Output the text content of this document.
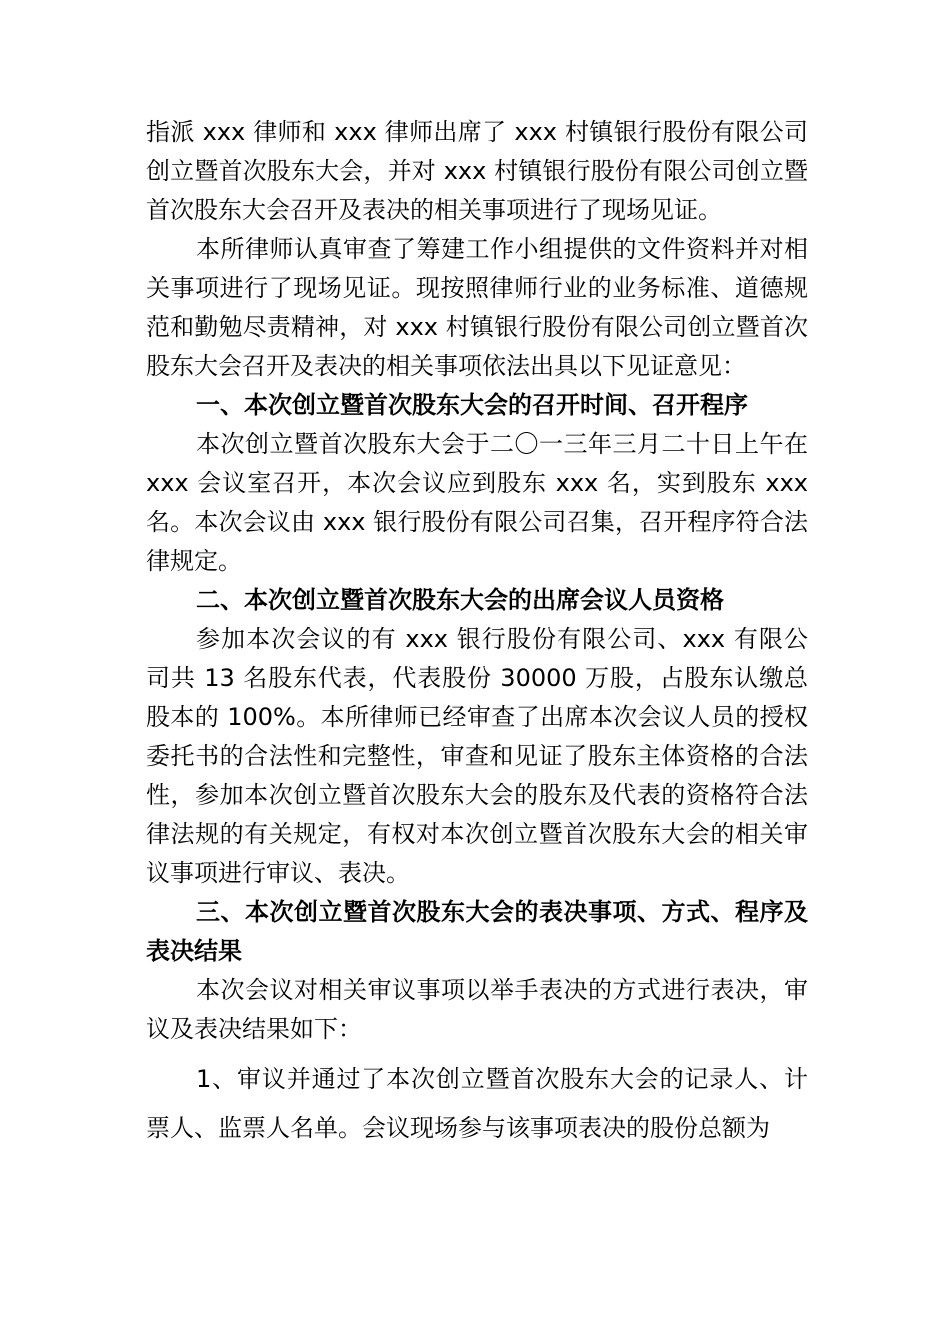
指派 xxx 律师和 xxx 律师出席了 xxx 村镇银行股份有限公司创立暨首次股东大会，并对 xxx 村镇银行股份有限公司创立暨首次股东大会召开及表决的相关事项进行了现场见证。

本所律师认真审查了筹建工作小组提供的文件资料并对相关事项进行了现场见证。现按照律师行业的业务标准、道德规范和勤勉尽责精神，对 xxx 村镇银行股份有限公司创立暨首次股东大会召开及表决的相关事项依法出具以下见证意见：

一、本次创立暨首次股东大会的召开时间、召开程序

本次创立暨首次股东大会于二〇一三年三月二十日上午在 xxx 会议室召开，本次会议应到股东 xxx 名，实到股东 xxx 名。本次会议由 xxx 银行股份有限公司召集，召开程序符合法律规定。

二、本次创立暨首次股东大会的出席会议人员资格

参加本次会议的有 xxx 银行股份有限公司、xxx 有限公司共 13 名股东代表，代表股份 30000 万股，占股东认缴总股本的 100%。本所律师已经审查了出席本次会议人员的授权委托书的合法性和完整性，审查和见证了股东主体资格的合法性，参加本次创立暨首次股东大会的股东及代表的资格符合法律法规的有关规定，有权对本次创立暨首次股东大会的相关审议事项进行审议、表决。

三、本次创立暨首次股东大会的表决事项、方式、程序及表决结果

本次会议对相关审议事项以举手表决的方式进行表决，审议及表决结果如下：

1、审议并通过了本次创立暨首次股东大会的记录人、计票人、监票人名单。会议现场参与该事项表决的股份总额为
